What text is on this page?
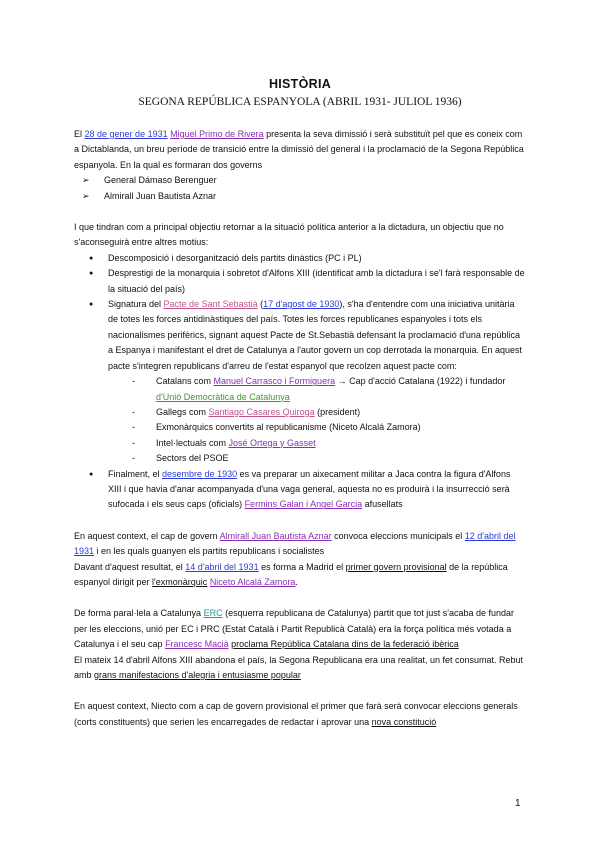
HISTÒRIA
SEGONA REPÚBLICA ESPANYOLA (ABRIL 1931- JULIOL 1936)

El 28 de gener de 1931 Miguel Primo de Rivera presenta la seva dimissió i serà substituït pel que es coneix com a Dictablanda, un breu període de transició entre la dimissió del general i la proclamació de la Segona República espanyola. En la qual es formaran dos governs

➢ General Dámaso Berenguer
➢ Almirall Juan Bautista Aznar

I que tindran com a principal objectiu retornar a la situació política anterior a la dictadura, un objectiu que no s'aconseguirà entre altres motius:

● Descomposició i desorganització dels partits dinàstics (PC i PL)
● Desprestigi de la monarquia i sobretot d'Alfons XIII (identificat amb la dictadura i se'l farà responsable de la situació del país)
● Signatura del Pacte de Sant Sebastià (17 d'agost de 1930), s'ha d'entendre com una iniciativa unitària de totes les forces antidinàstiques del país. Totes les forces republicanes espanyoles i tots els nacionalismes perifèrics, signant aquest Pacte de St.Sebastià defensant la proclamació d'una república a Espanya i manifestant el dret de Catalunya a l'autor govern un cop derrotada la monarquia. En aquest pacte s'integren republicans d'arreu de l'estat espanyol que recolzen aquest pacte com:
- Catalans com Manuel Carrasco i Formiguera → Cap d'acció Catalana (1922) i fundador d'Unió Democràtica de Catalunya
- Gallegs com Santiago Casares Quiroga (president)
- Exmonàrquics convertits al republicanisme (Niceto Alcalá Zamora)
- Intel·lectuals com José Ortega y Gasset
- Sectors del PSOE
● Finalment, el desembre de 1930 es va preparar un aixecament militar a Jaca contra la figura d'Alfons XIII i que havia d'anar acompanyada d'una vaga general, aquesta no es produirà i la insurrecció serà sufocada i els seus caps (oficials) Fermins Galan i Angel Garcia afusellats

En aquest context, el cap de govern Almirall Juan Bautista Aznar convoca eleccions municipals el 12 d'abril del 1931 i en les quals guanyen els partits republicans i socialistes

Davant d'aquest resultat, el 14 d'abril del 1931 es forma a Madrid el primer govern provisional de la república espanyol dirigit per l'exmonàrquic Niceto Alcalá Zamora.

De forma paral·lela a Catalunya ERC (esquerra republicana de Catalunya) partit que tot just s'acaba de fundar per les eleccions, unió per EC i PRC (Estat Català i Partit Republicà Català) era la força política més votada a Catalunya i el seu cap Francesc Macià proclama República Catalana dins de la federació ibèrica

El mateix 14 d'abril Alfons XIII abandona el país, la Segona Republicana era una realitat, un fet consumat. Rebut amb grans manifestacions d'alegria i entusiasme popular

En aquest context, Niecto com a cap de govern provisional el primer que farà serà convocar eleccions generals (corts constituents) que serien les encarregades de redactar i aprovar una nova constitució

1
